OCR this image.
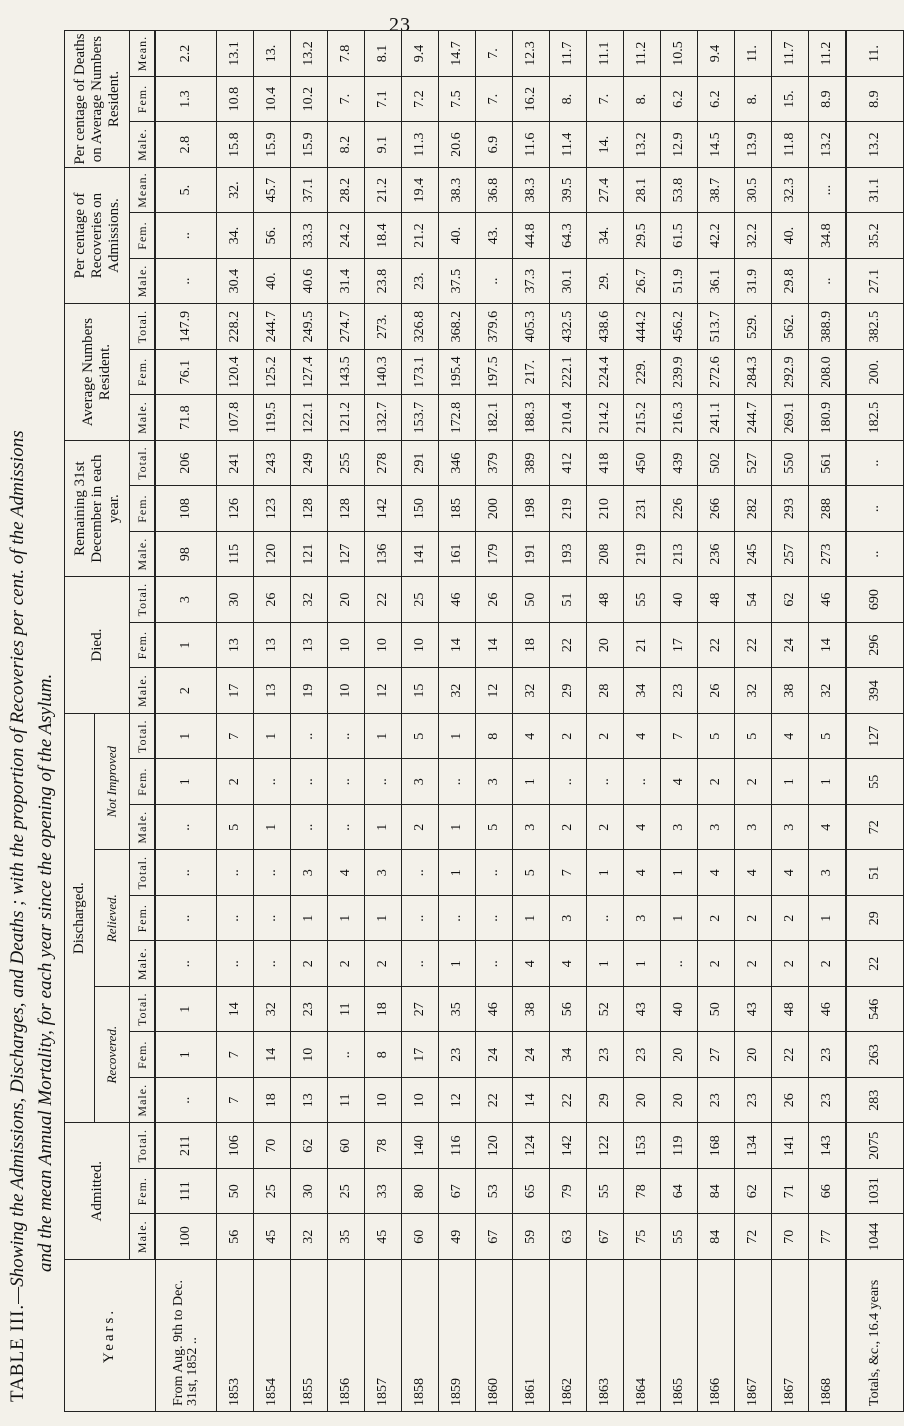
23
TABLE III.—Showing the Admissions, Discharges, and Deaths ; with the proportion of Recoveries per cent. of the Admissions and the mean Annual Mortality, for each year since the opening of the Asylum.
Years.	Admitted.			Discharged.									Died.			Remaining 31st December in each year.			Average Numbers Resident.			Per centage of Recoveries on Admissions.			Per centage of Deaths on Average Numbers Resident.		
				Recovered.			Relieved.			Not Improved																	
	Male.	Fem.	Total.	Male.	Fem.	Total.	Male.	Fem.	Total.	Male.	Fem.	Total.	Male.	Fem.	Total.	Male.	Fem.	Total.	Male.	Fem.	Total.	Male.	Fem.	Mean.	Male.	Fem.	Mean.
From Aug. 9th to Dec. 31st, 1852 ..	100	111	211	..	1	1	..	..	..	..	1	1	2	1	3	98	108	206	71.8	76.1	147.9	..	..	5.	2.8	1.3	2.2
1853	56	50	106	7	7	14	..	..	..	5	2	7	17	13	30	115	126	241	107.8	120.4	228.2	30.4	34.	32.	15.8	10.8	13.1
1854	45	25	70	18	14	32	..	..	..	1	..	1	13	13	26	120	123	243	119.5	125.2	244.7	40.	56.	45.7	15.9	10.4	13.
1855	32	30	62	13	10	23	2	1	3	..	..	..	19	13	32	121	128	249	122.1	127.4	249.5	40.6	33.3	37.1	15.9	10.2	13.2
1856	35	25	60	11	..	11	2	1	4	..	..	..	10	10	20	127	128	255	121.2	143.5	274.7	31.4	24.2	28.2	8.2	7.	7.8
1857	45	33	78	10	8	18	2	1	3	1	..	1	12	10	22	136	142	278	132.7	140.3	273.	23.8	18.4	21.2	9.1	7.1	8.1
1858	60	80	140	10	17	27	..	..	..	2	3	5	15	10	25	141	150	291	153.7	173.1	326.8	23.	21.2	19.4	11.3	7.2	9.4
1859	49	67	116	12	23	35	1	..	1	1	..	1	32	14	46	161	185	346	172.8	195.4	368.2	37.5	40.	38.3	20.6	7.5	14.7
1860	67	53	120	22	24	46	..	..	..	5	3	8	12	14	26	179	200	379	182.1	197.5	379.6	..	43.	36.8	6.9	7.	7.
1861	59	65	124	14	24	38	4	1	5	3	1	4	32	18	50	191	198	389	188.3	217.	405.3	37.3	44.8	38.3	11.6	16.2	12.3
1862	63	79	142	22	34	56	4	3	7	2	..	2	29	22	51	193	219	412	210.4	222.1	432.5	30.1	64.3	39.5	11.4	8.	11.7
1863	67	55	122	29	23	52	1	..	1	2	..	2	28	20	48	208	210	418	214.2	224.4	438.6	29.	34.	27.4	14.	7.	11.1
1864	75	78	153	20	23	43	1	3	4	4	..	4	34	21	55	219	231	450	215.2	229.	444.2	26.7	29.5	28.1	13.2	8.	11.2
1865	55	64	119	20	20	40	..	1	1	3	4	7	23	17	40	213	226	439	216.3	239.9	456.2	51.9	61.5	53.8	12.9	6.2	10.5
1866	84	84	168	23	27	50	2	2	4	3	2	5	26	22	48	236	266	502	241.1	272.6	513.7	36.1	42.2	38.7	14.5	6.2	9.4
1867	72	62	134	23	20	43	2	2	4	3	2	5	32	22	54	245	282	527	244.7	284.3	529.	31.9	32.2	30.5	13.9	8.	11.
1867	70	71	141	26	22	48	2	2	4	3	1	4	38	24	62	257	293	550	269.1	292.9	562.	29.8	40.	32.3	11.8	15.	11.7
1868	77	66	143	23	23	46	2	1	3	4	1	5	32	14	46	273	288	561	180.9	208.0	388.9	..	34.8	...	13.2	8.9	11.2
Totals, &c., 16.4 years	1044	1031	2075	283	263	546	22	29	51	72	55	127	394	296	690	..	..	..	182.5	200.	382.5	27.1	35.2	31.1	13.2	8.9	11.
